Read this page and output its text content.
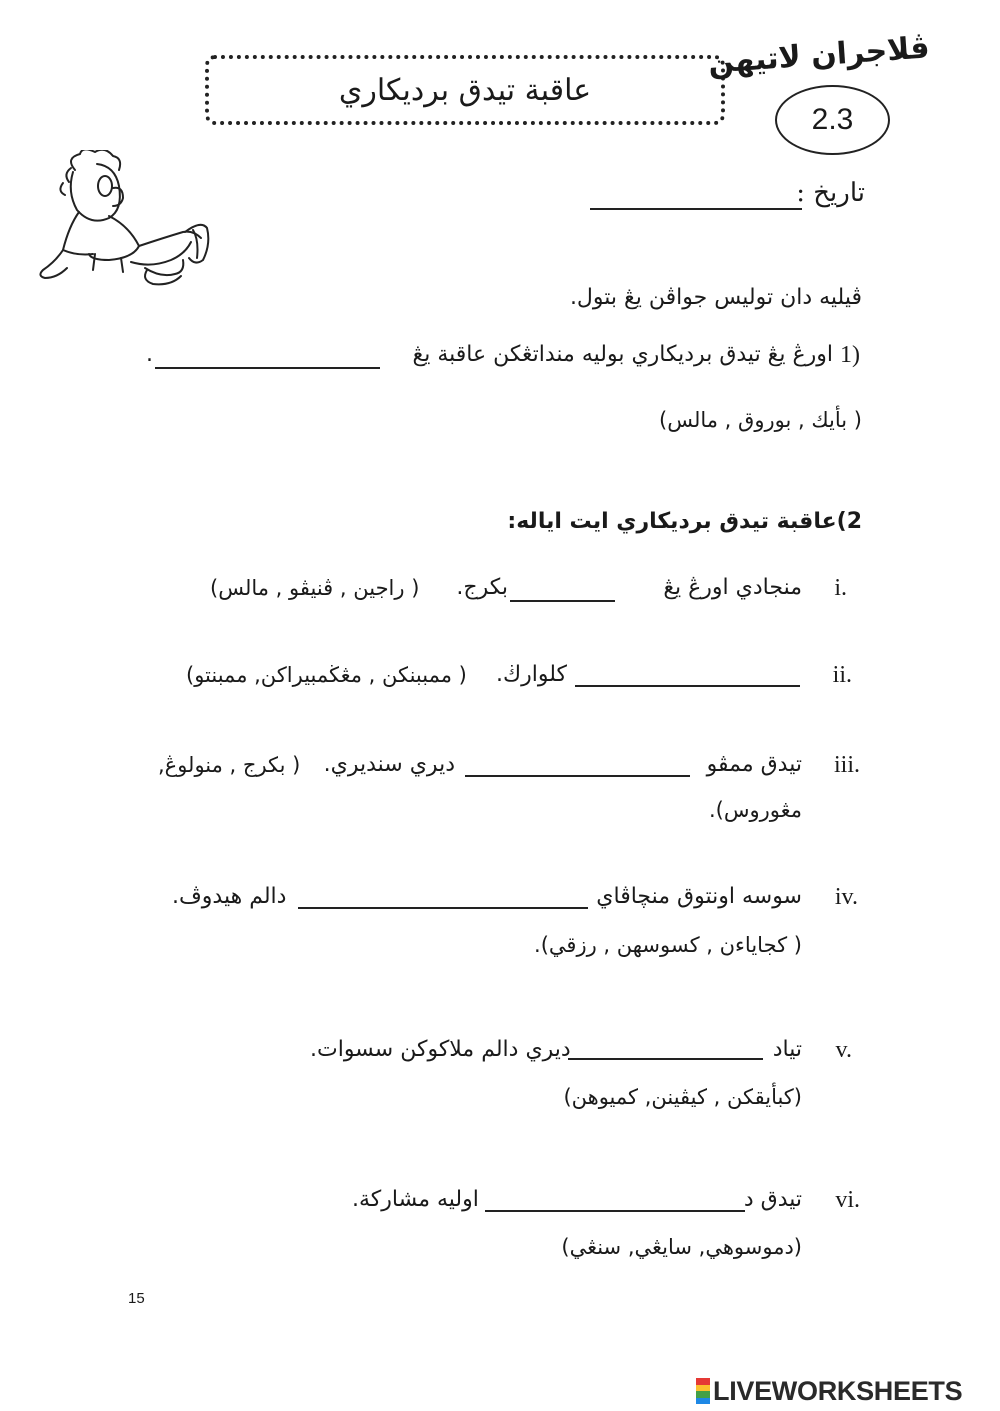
عاقبة تيدق برديكاري
ڤلاجران لاتيهن
2.3
تاريخ :
ڤيليه دان توليس جواڤن يڠ بتول.
1)
اورڠ يڠ تيدق برديكاري بوليه منداتڠكن عاقبة يڠ
.
( بأيك , بوروق , مالس)
2)عاقبة تيدق برديكاري ايت اياله:
i.
منجادي اورڠ يڠ
بكرج.
( راجين , ڤنيڤو , مالس)
ii.
كلوارڬ.
( ممببنكن , مڠڬمبيراكن, ممبنتو)
iii.
تيدق ممڤو
ديري سنديري.
( بكرج , منولوڠ,
مڠوروس).
iv.
سوسه اونتوق منچاڤاي
دالم هيدوڤ.
( كجاياءن , كسوسهن , رزقي).
v.
تياد
ديري دالم ملاكوكن سسوات.
(كبأيقكن , كيڤينن, كميوهن)
vi.
تيدق د
اوليه مشاركة.
(دموسوهي, سايڠي, سنڠي)
15
LIVEWORKSHEETS
